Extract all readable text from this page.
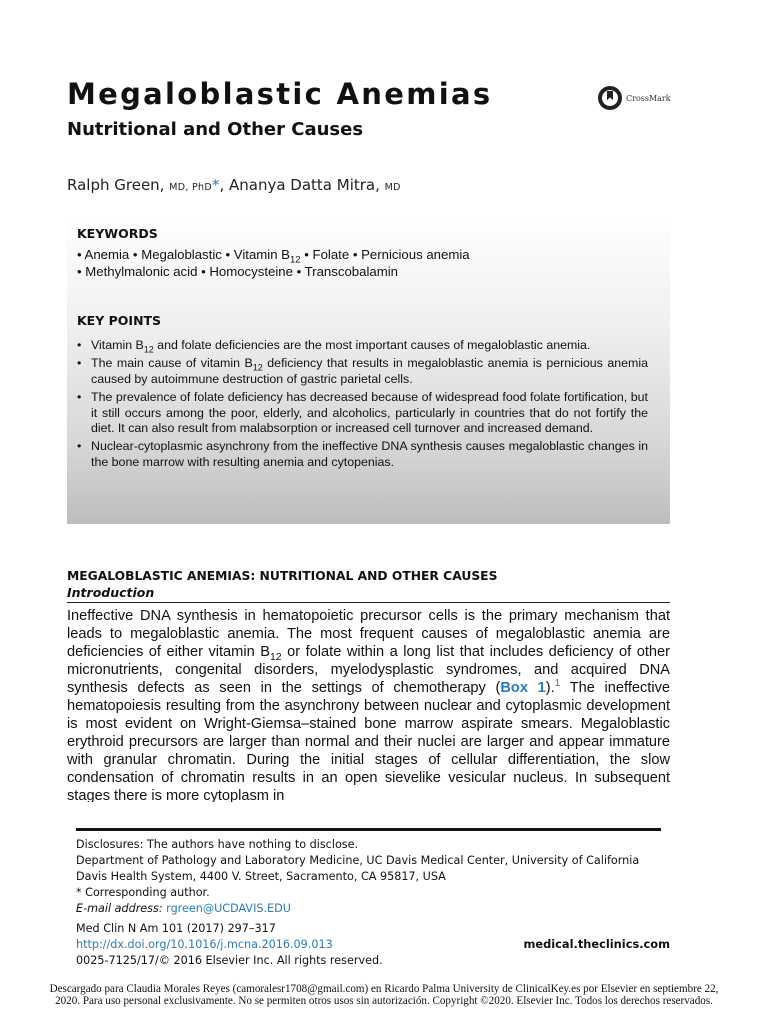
Megaloblastic Anemias
Nutritional and Other Causes
CrossMark
Ralph Green, MD, PhD*, Ananya Datta Mitra, MD
KEYWORDS
• Anemia • Megaloblastic • Vitamin $B_{12}$ • Folate • Pernicious anemia
• Methylmalonic acid • Homocysteine • Transcobalamin
KEY POINTS
• Vitamin $B_{12}$ and folate deficiencies are the most important causes of megaloblastic anemia.
• The main cause of vitamin $B_{12}$ deficiency that results in megaloblastic anemia is pernicious anemia caused by autoimmune destruction of gastric parietal cells.
• The prevalence of folate deficiency has decreased because of widespread food folate fortification, but it still occurs among the poor, elderly, and alcoholics, particularly in countries that do not fortify the diet. It can also result from malabsorption or increased cell turnover and increased demand.
• Nuclear-cytoplasmic asynchrony from the ineffective DNA synthesis causes megaloblastic changes in the bone marrow with resulting anemia and cytopenias.
MEGALOBLASTIC ANEMIAS: NUTRITIONAL AND OTHER CAUSES
Introduction
Ineffective DNA synthesis in hematopoietic precursor cells is the primary mechanism that leads to megaloblastic anemia. The most frequent causes of megaloblastic anemia are deficiencies of either vitamin $B_{12}$ or folate within a long list that includes deficiency of other micronutrients, congenital disorders, myelodysplastic syndromes, and acquired DNA synthesis defects as seen in the settings of chemotherapy (Box 1).$^1$ The ineffective hematopoiesis resulting from the asynchrony between nuclear and cytoplasmic development is most evident on Wright-Giemsa–stained bone marrow aspirate smears. Megaloblastic erythroid precursors are larger than normal and their nuclei are larger and appear immature with granular chromatin. During the initial stages of cellular differentiation, the slow condensation of chromatin results in an open sievelike vesicular nucleus. In subsequent stages there is more cytoplasm in
Disclosures: The authors have nothing to disclose.
Department of Pathology and Laboratory Medicine, UC Davis Medical Center, University of California Davis Health System, 4400 V. Street, Sacramento, CA 95817, USA
* Corresponding author.
E-mail address: rgreen@UCDAVIS.EDU
Med Clin N Am 101 (2017) 297–317
http://dx.doi.org/10.1016/j.mcna.2016.09.013
0025-7125/17/© 2016 Elsevier Inc. All rights reserved.
medical.theclinics.com
Descargado para Claudia Morales Reyes (camoralesr1708@gmail.com) en Ricardo Palma University de ClinicalKey.es por Elsevier en septiembre 22, 2020. Para uso personal exclusivamente. No se permiten otros usos sin autorización. Copyright ©2020. Elsevier Inc. Todos los derechos reservados.
